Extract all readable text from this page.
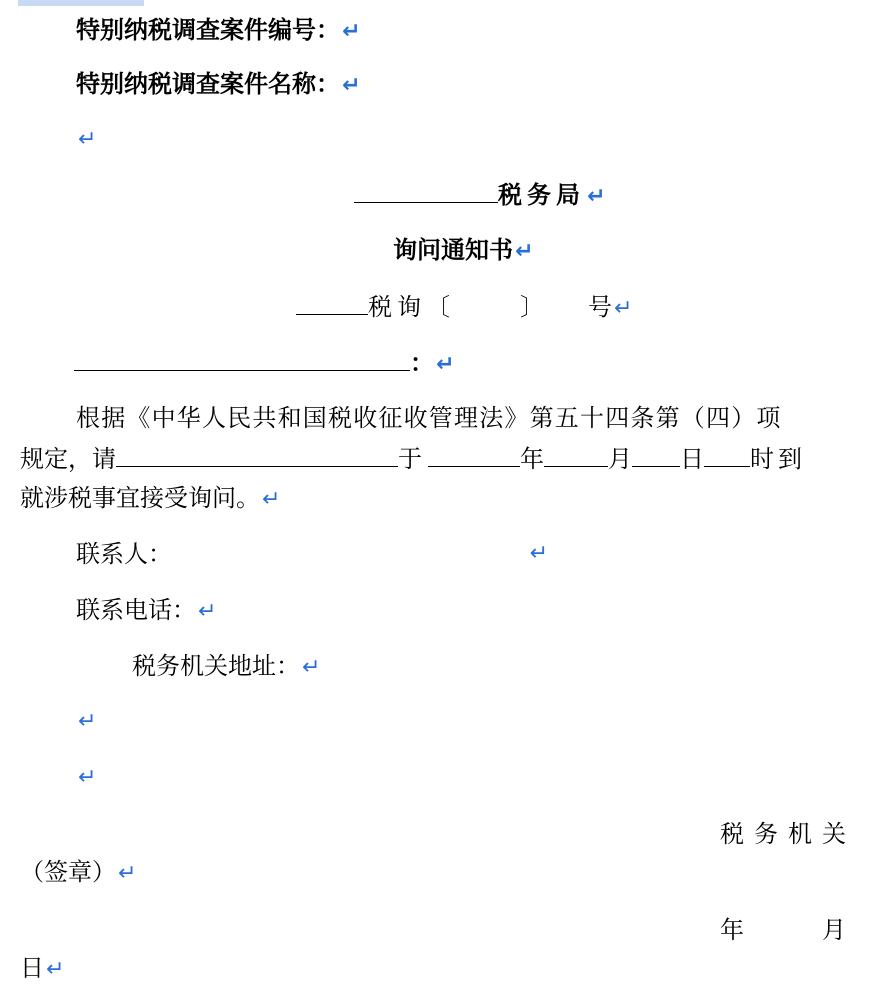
特别纳税调查案件编号：↵
特别纳税调查案件名称：↵
↵
税务局↵
询问通知书↵
税询〔	〕 号↵
：↵
根据《中华人民共和国税收征收管理法》第五十四条第（四）项
规定，请	于	年	月 日 时到
就涉税事宜接受询问。↵
联系人：	↵
联系电话：↵
税务机关地址：↵
↵
↵
税务机关
（签章）↵
年	月
日↵
